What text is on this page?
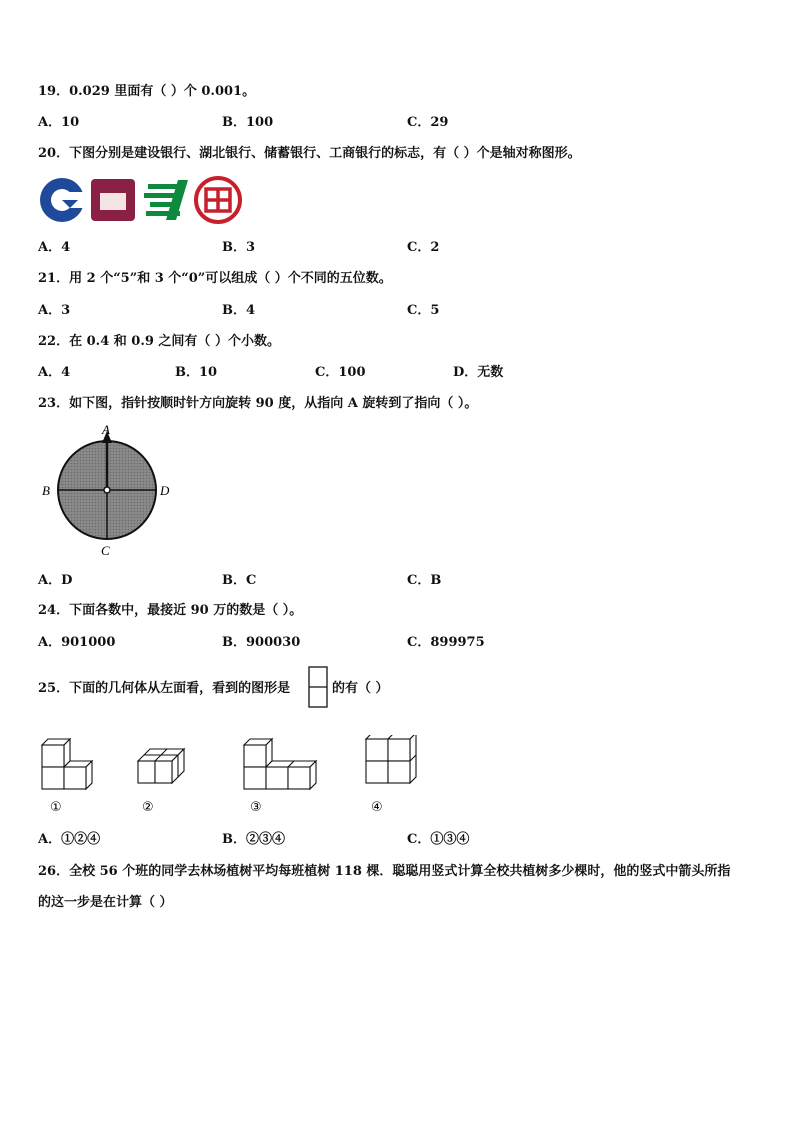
19．0.029 里面有（ ）个 0.001。
A．10	B．100	C．29
20．下图分别是建设银行、湖北银行、储蓄银行、工商银行的标志，有（ ）个是轴对称图形。
A．4	B．3	C．2
21．用 2 个“5”和 3 个“0”可以组成（ ）个不同的五位数。
A．3	B．4	C．5
22．在 0.4 和 0.9 之间有（ ）个小数。
A．4	B．10	C．100	D．无数
23．如下图，指针按顺时针方向旋转 90 度，从指向 A 旋转到了指向（ ）。
A
B	D
C
A．D	B．C	C．B
24．下面各数中，最接近 90 万的数是（ ）。
A．901000	B．900030	C．899975
25．下面的几何体从左面看，看到的图形是	的有（ ）
①	②	③	④
A．①②④	B．②③④	C．①③④
26．全校 56 个班的同学去林场植树平均每班植树 118 棵．聪聪用竖式计算全校共植树多少棵时，他的竖式中箭头所指
的这一步是在计算（ ）
